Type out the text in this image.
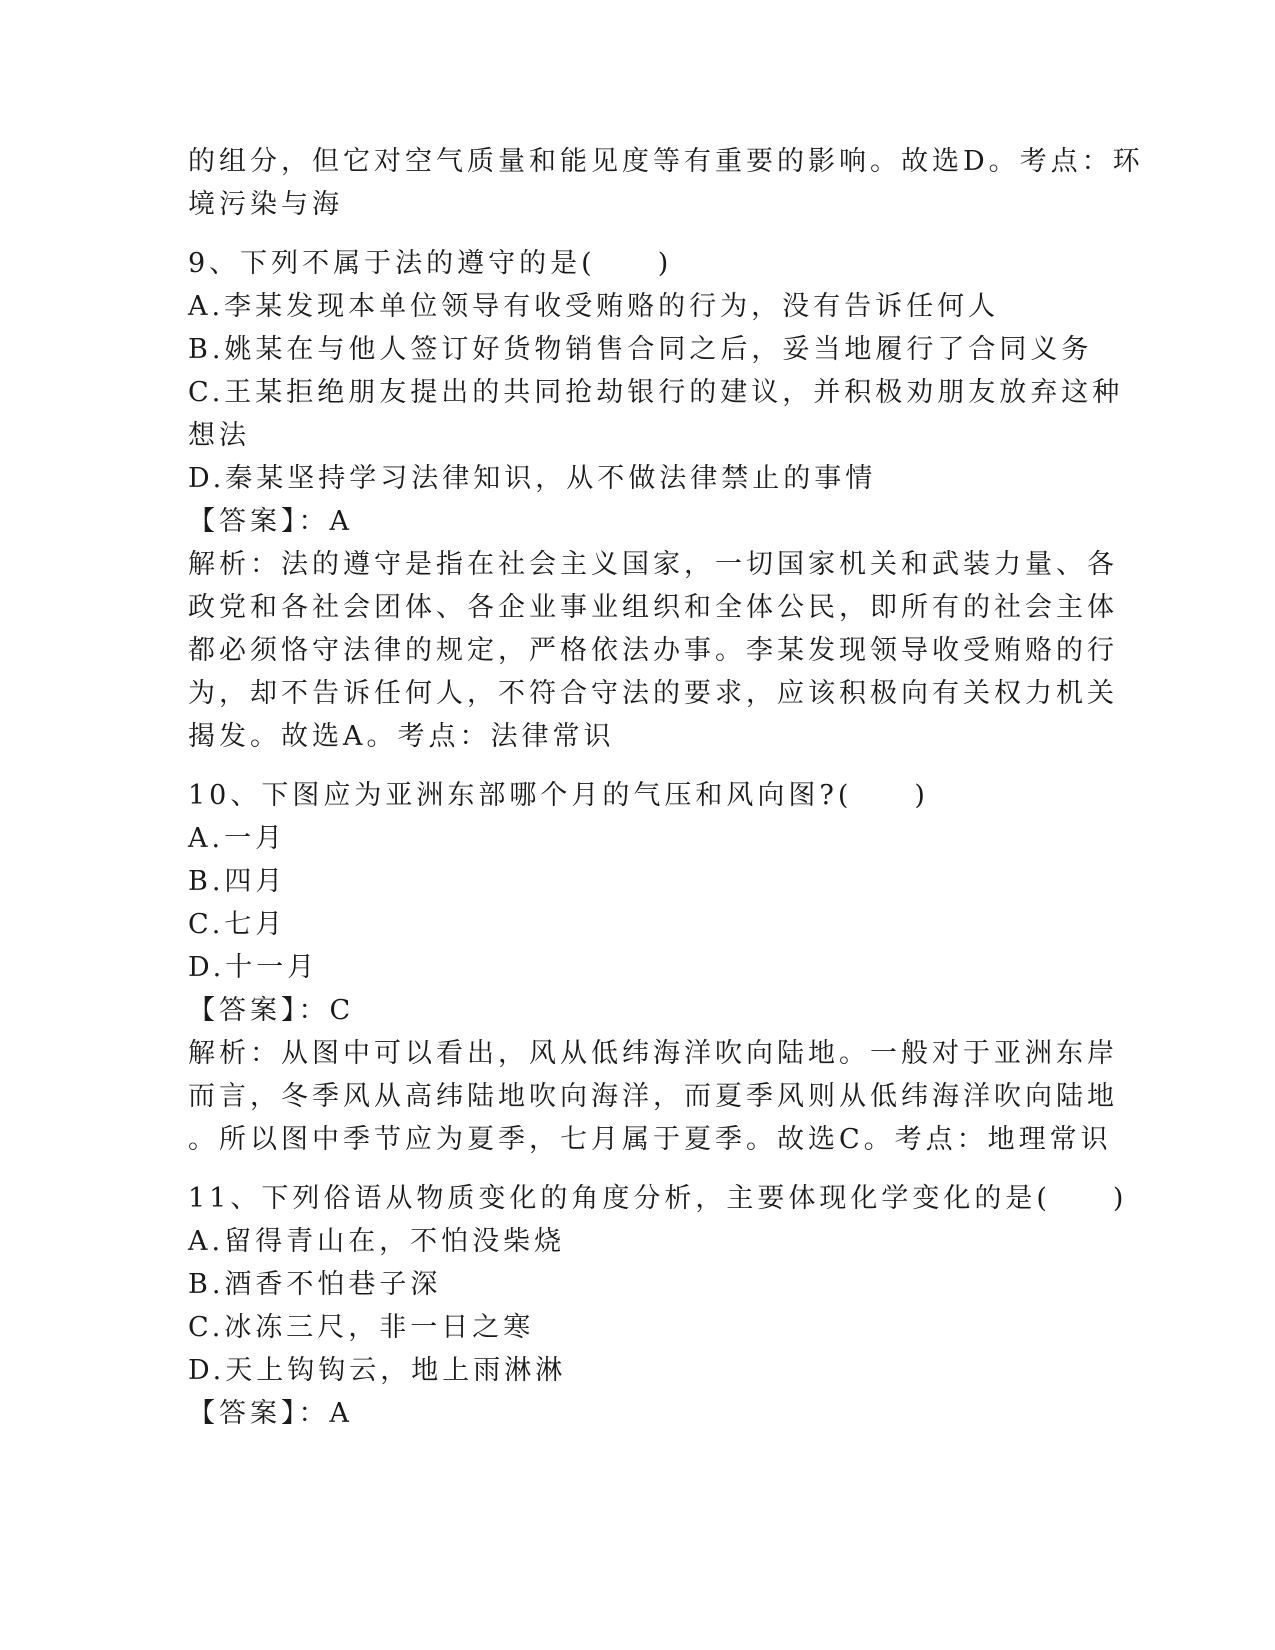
的组分，但它对空气质量和能见度等有重要的影响。故选D。考点：环
境污染与海
9、下列不属于法的遵守的是(　　)
A.李某发现本单位领导有收受贿赂的行为，没有告诉任何人
B.姚某在与他人签订好货物销售合同之后，妥当地履行了合同义务
C.王某拒绝朋友提出的共同抢劫银行的建议，并积极劝朋友放弃这种
想法
D.秦某坚持学习法律知识，从不做法律禁止的事情
【答案】：A
解析：法的遵守是指在社会主义国家，一切国家机关和武装力量、各
政党和各社会团体、各企业事业组织和全体公民，即所有的社会主体
都必须恪守法律的规定，严格依法办事。李某发现领导收受贿赂的行
为，却不告诉任何人，不符合守法的要求，应该积极向有关权力机关
揭发。故选A。考点：法律常识
10、下图应为亚洲东部哪个月的气压和风向图?(　　)
A.一月
B.四月
C.七月
D.十一月
【答案】：C
解析：从图中可以看出，风从低纬海洋吹向陆地。一般对于亚洲东岸
而言，冬季风从高纬陆地吹向海洋，而夏季风则从低纬海洋吹向陆地
。所以图中季节应为夏季，七月属于夏季。故选C。考点：地理常识
11、下列俗语从物质变化的角度分析，主要体现化学变化的是(　　)
A.留得青山在，不怕没柴烧
B.酒香不怕巷子深
C.冰冻三尺，非一日之寒
D.天上钩钩云，地上雨淋淋
【答案】：A
